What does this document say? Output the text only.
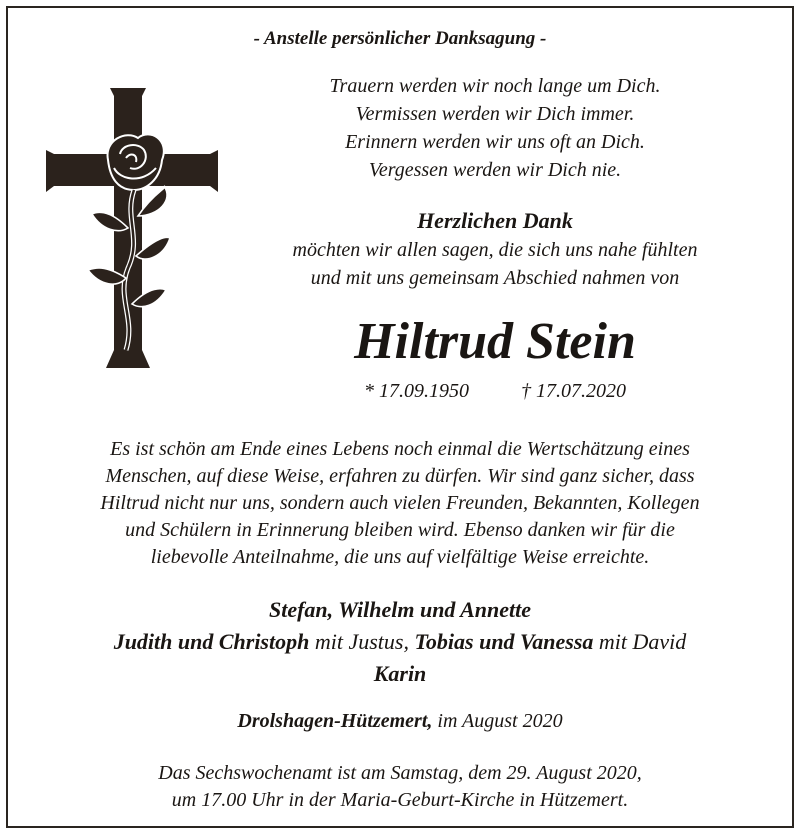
- Anstelle persönlicher Danksagung -
Trauern werden wir noch lange um Dich.
Vermissen werden wir Dich immer.
Erinnern werden wir uns oft an Dich.
Vergessen werden wir Dich nie.
Herzlichen Dank
möchten wir allen sagen, die sich uns nahe fühlten
und mit uns gemeinsam Abschied nahmen von
Hiltrud Stein
* 17.09.1950	† 17.07.2020
Es ist schön am Ende eines Lebens noch einmal die Wertschätzung eines
Menschen, auf diese Weise, erfahren zu dürfen. Wir sind ganz sicher, dass
Hiltrud nicht nur uns, sondern auch vielen Freunden, Bekannten, Kollegen
und Schülern in Erinnerung bleiben wird. Ebenso danken wir für die
liebevolle Anteilnahme, die uns auf vielfältige Weise erreichte.
Stefan, Wilhelm und Annette
Judith und Christoph mit Justus, Tobias und Vanessa mit David
Karin
Drolshagen-Hützemert, im August 2020
Das Sechswochenamt ist am Samstag, dem 29. August 2020,
um 17.00 Uhr in der Maria-Geburt-Kirche in Hützemert.
